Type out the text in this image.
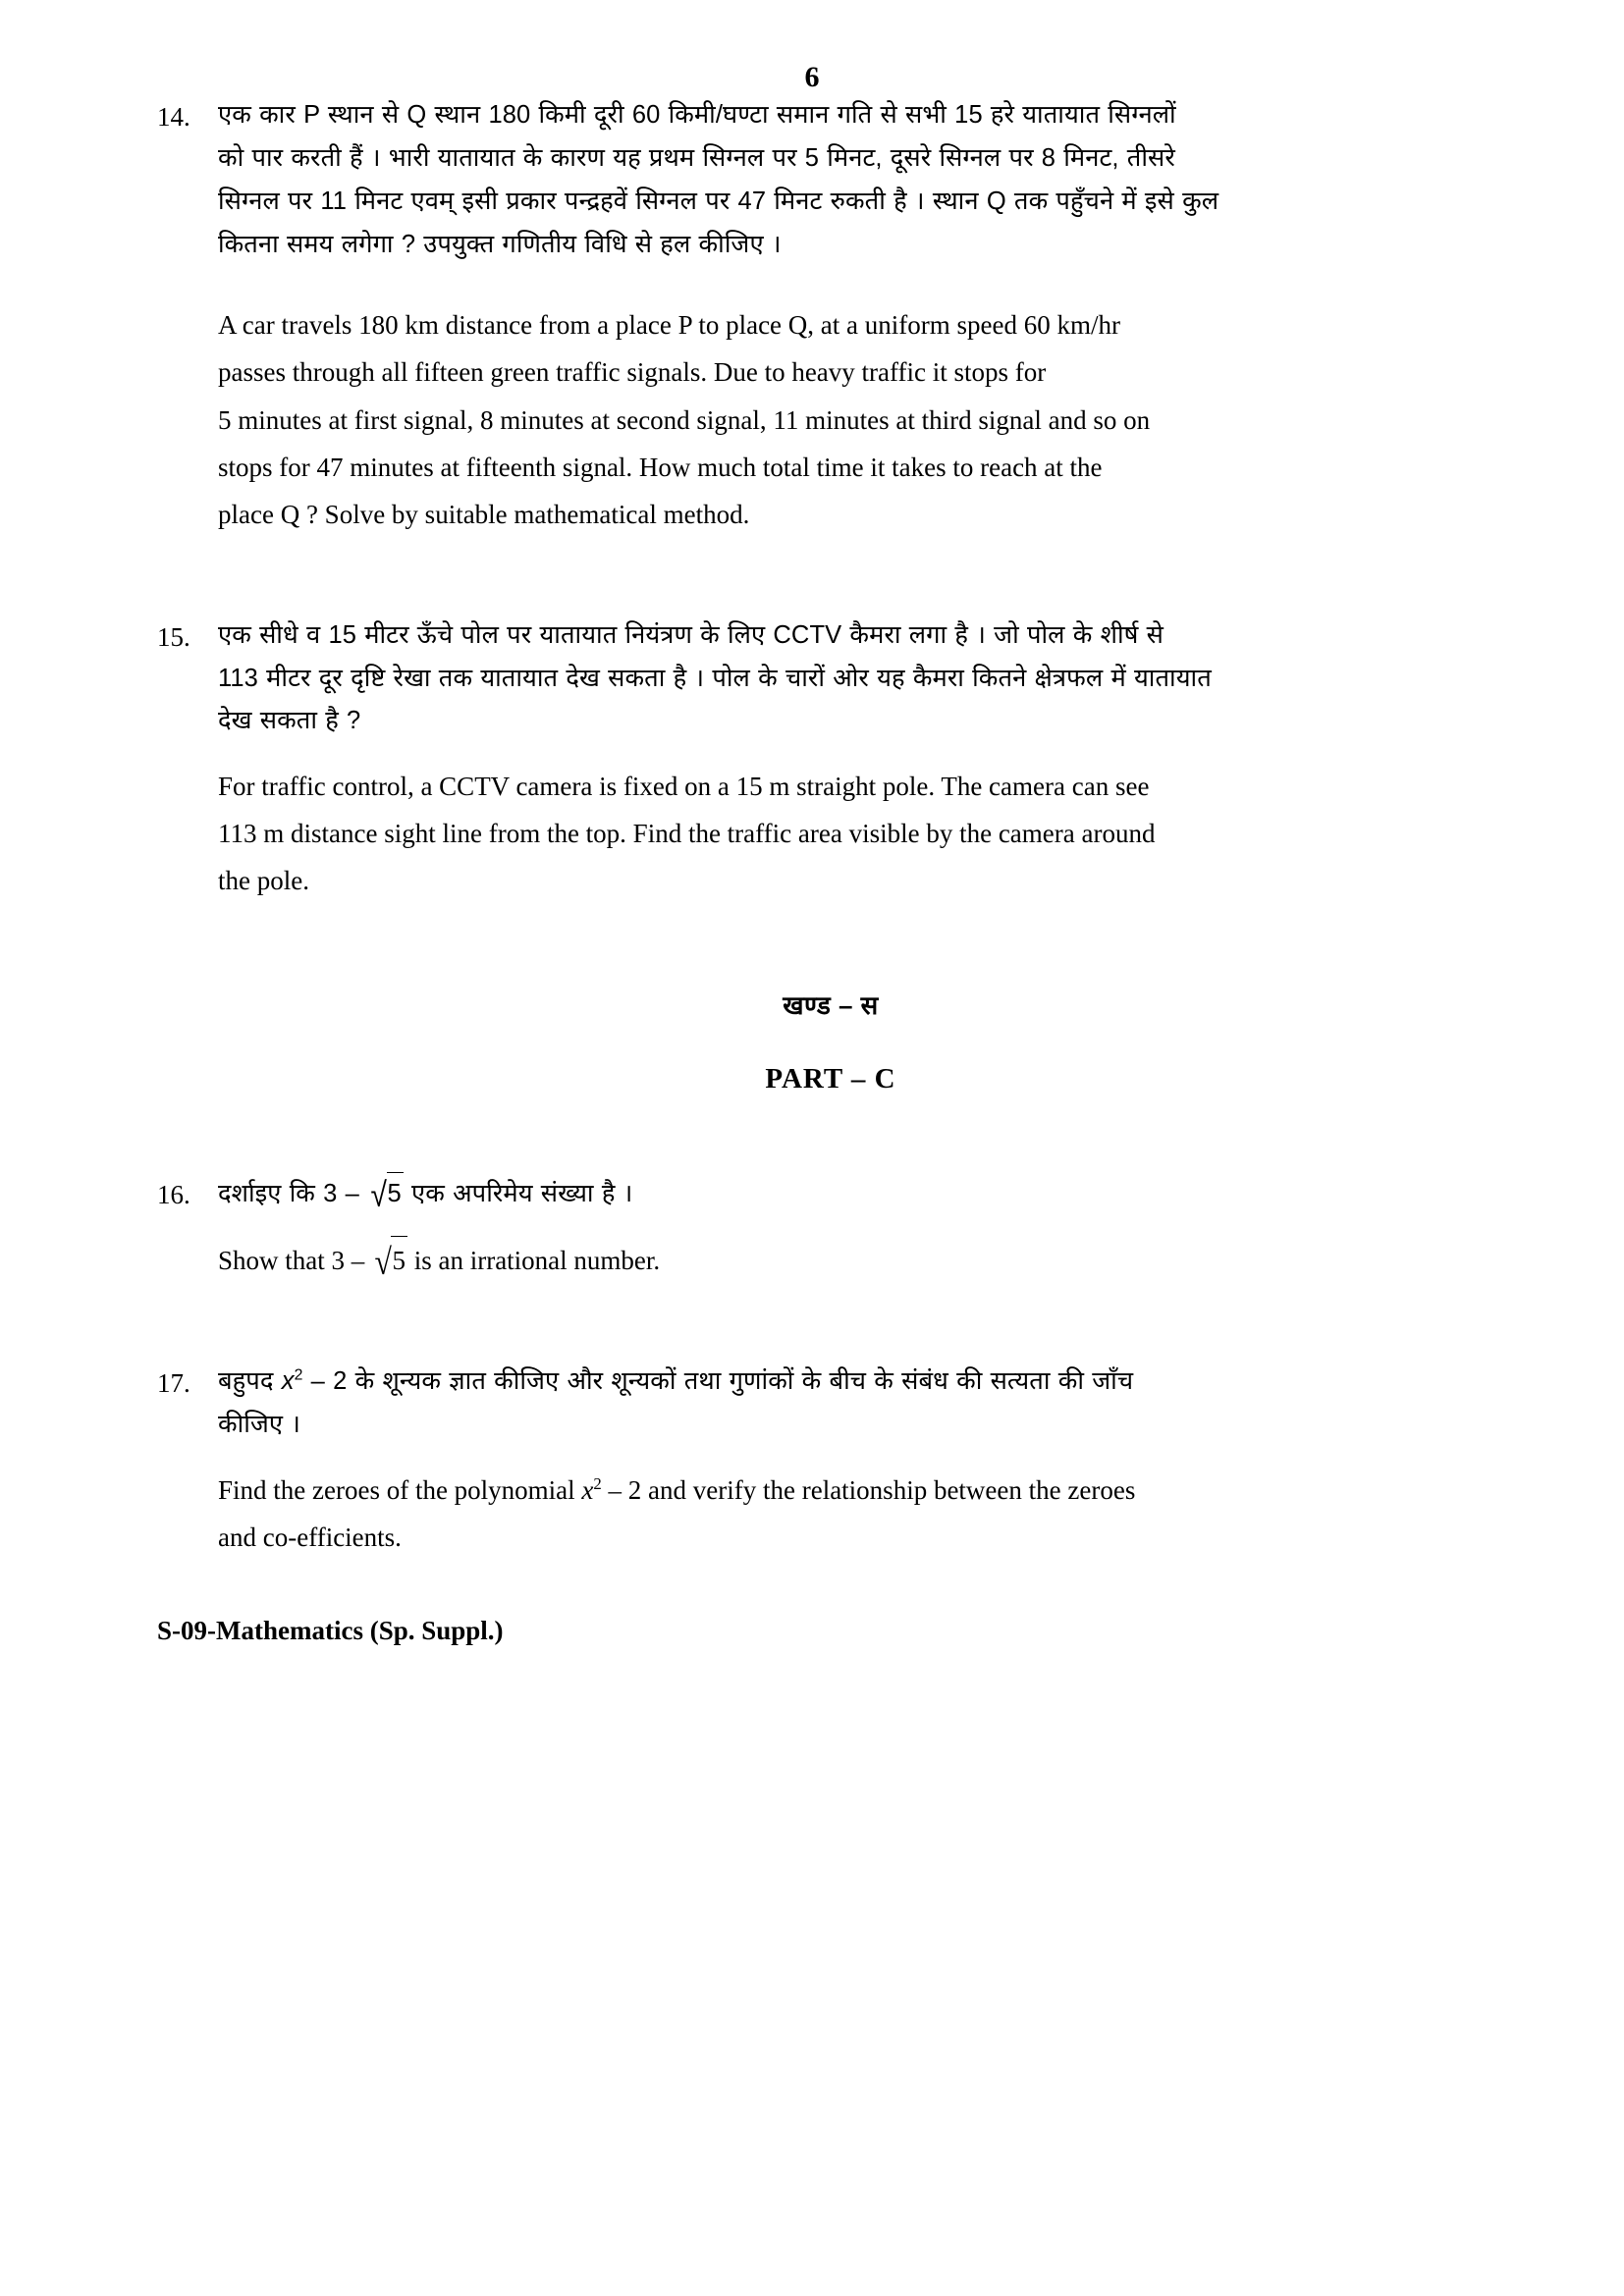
6
14.	एक कार P स्थान से Q स्थान 180 किमी दूरी 60 किमी/घण्टा समान गति से सभी 15 हरे यातायात सिग्नलों
को पार करती हैं । भारी यातायात के कारण यह प्रथम सिग्नल पर 5 मिनट, दूसरे सिग्नल पर 8 मिनट, तीसरे
सिग्नल पर 11 मिनट एवम् इसी प्रकार पन्द्रहवें सिग्नल पर 47 मिनट रुकती है । स्थान Q तक पहुँचने में इसे कुल
कितना समय लगेगा ? उपयुक्त गणितीय विधि से हल कीजिए ।
A car travels 180 km distance from a place P to place Q, at a uniform speed 60 km/hr
passes through all fifteen green traffic signals. Due to heavy traffic it stops for
5 minutes at first signal, 8 minutes at second signal, 11 minutes at third signal and so on
stops for 47 minutes at fifteenth signal. How much total time it takes to reach at the
place Q ? Solve by suitable mathematical method.
15.	एक सीधे व 15 मीटर ऊँचे पोल पर यातायात नियंत्रण के लिए CCTV कैमरा लगा है । जो पोल के शीर्ष से
113 मीटर दूर दृष्टि रेखा तक यातायात देख सकता है । पोल के चारों ओर यह कैमरा कितने क्षेत्रफल में यातायात
देख सकता है ?
For traffic control, a CCTV camera is fixed on a 15 m straight pole. The camera can see
113 m distance sight line from the top. Find the traffic area visible by the camera around
the pole.
खण्ड – स
PART – C
16.	दर्शाइए कि 3 – √5 एक अपरिमेय संख्या है ।
Show that 3 – √5 is an irrational number.
17.	बहुपद $x^2 - 2$ के शून्यक ज्ञात कीजिए और शून्यकों तथा गुणांकों के बीच के संबंध की सत्यता की जाँच
कीजिए ।
Find the zeroes of the polynomial $x^2 - 2$ and verify the relationship between the zeroes
and co-efficients.
S-09-Mathematics (Sp. Suppl.)
